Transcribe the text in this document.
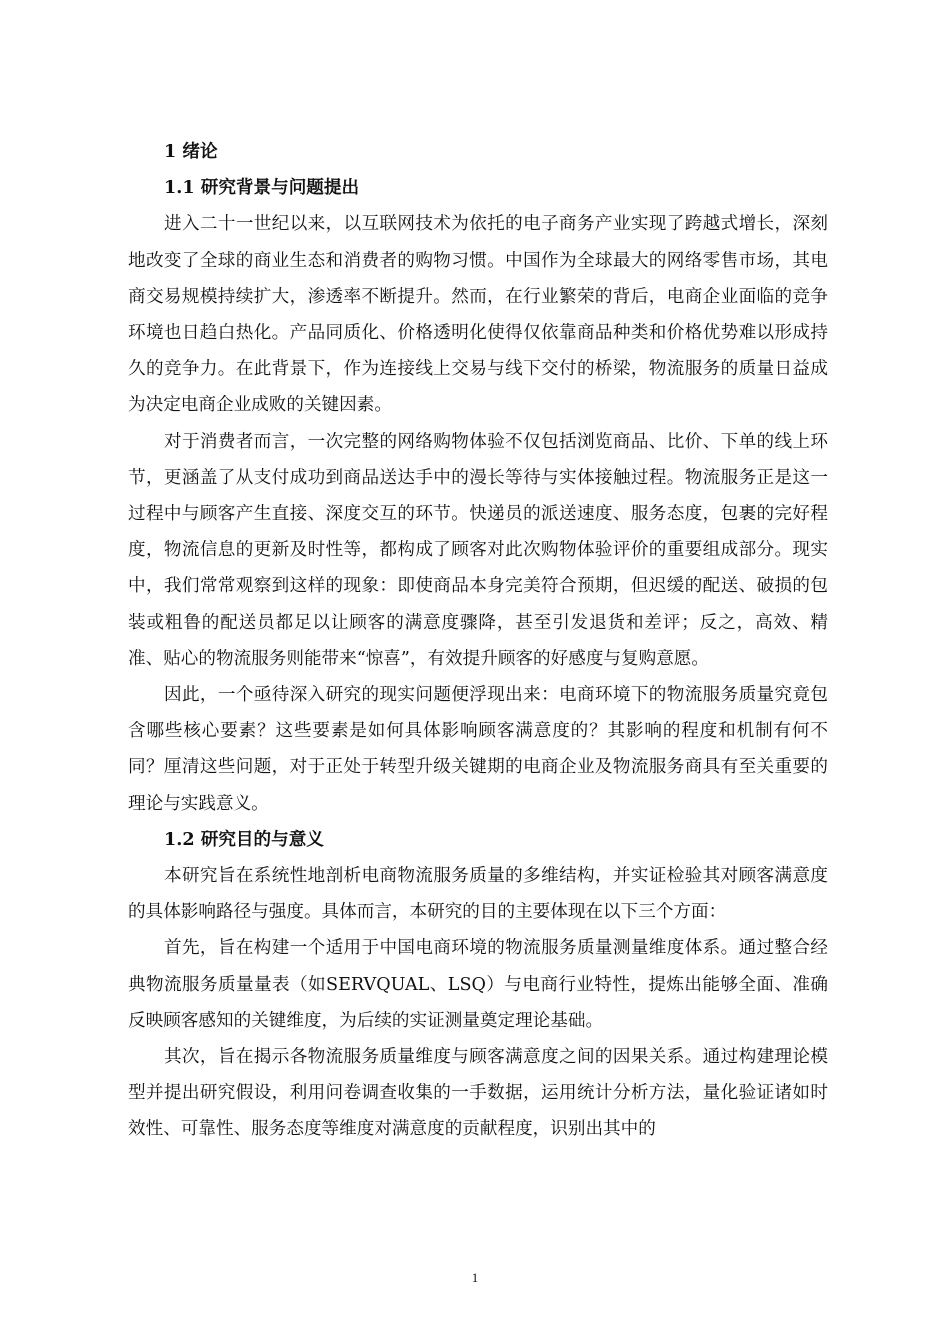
1 绪论

1.1 研究背景与问题提出

进入二十一世纪以来，以互联网技术为依托的电子商务产业实现了跨越式增长，深刻地改变了全球的商业生态和消费者的购物习惯。中国作为全球最大的网络零售市场，其电商交易规模持续扩大，渗透率不断提升。然而，在行业繁荣的背后，电商企业面临的竞争环境也日趋白热化。产品同质化、价格透明化使得仅依靠商品种类和价格优势难以形成持久的竞争力。在此背景下，作为连接线上交易与线下交付的桥梁，物流服务的质量日益成为决定电商企业成败的关键因素。

对于消费者而言，一次完整的网络购物体验不仅包括浏览商品、比价、下单的线上环节，更涵盖了从支付成功到商品送达手中的漫长等待与实体接触过程。物流服务正是这一过程中与顾客产生直接、深度交互的环节。快递员的派送速度、服务态度，包裹的完好程度，物流信息的更新及时性等，都构成了顾客对此次购物体验评价的重要组成部分。现实中，我们常常观察到这样的现象：即使商品本身完美符合预期，但迟缓的配送、破损的包装或粗鲁的配送员都足以让顾客的满意度骤降，甚至引发退货和差评；反之，高效、精准、贴心的物流服务则能带来“惊喜”，有效提升顾客的好感度与复购意愿。

因此，一个亟待深入研究的现实问题便浮现出来：电商环境下的物流服务质量究竟包含哪些核心要素？这些要素是如何具体影响顾客满意度的？其影响的程度和机制有何不同？厘清这些问题，对于正处于转型升级关键期的电商企业及物流服务商具有至关重要的理论与实践意义。

1.2 研究目的与意义

本研究旨在系统性地剖析电商物流服务质量的多维结构，并实证检验其对顾客满意度的具体影响路径与强度。具体而言，本研究的目的主要体现在以下三个方面：

首先，旨在构建一个适用于中国电商环境的物流服务质量测量维度体系。通过整合经典物流服务质量量表（如SERVQUAL、LSQ）与电商行业特性，提炼出能够全面、准确反映顾客感知的关键维度，为后续的实证测量奠定理论基础。

其次，旨在揭示各物流服务质量维度与顾客满意度之间的因果关系。通过构建理论模型并提出研究假设，利用问卷调查收集的一手数据，运用统计分析方法，量化验证诸如时效性、可靠性、服务态度等维度对满意度的贡献程度，识别出其中的

1
